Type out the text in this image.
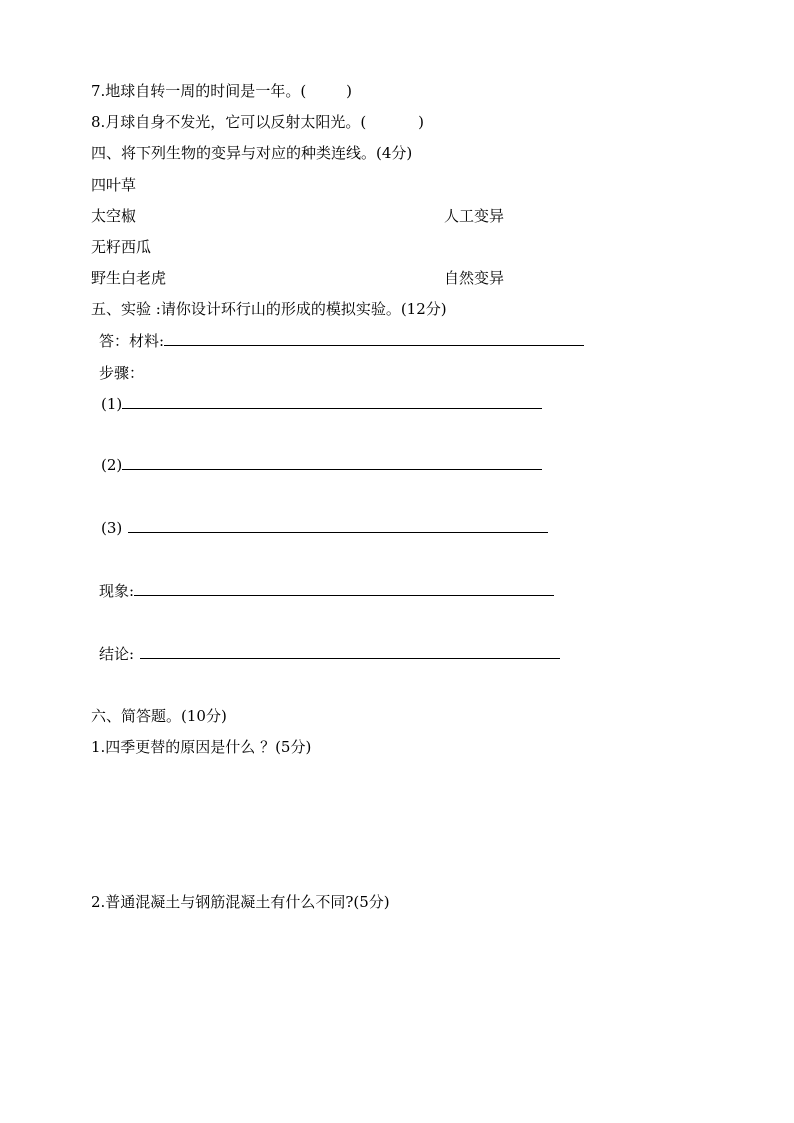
7.地球自转一周的时间是一年。(	)
8.月球自身不发光，它可以反射太阳光。(	)
四、将下列生物的变异与对应的种类连线。(4分)
四叶草
太空椒	人工变异
无籽西瓜
野生白老虎	自然变异
五、实验 :请你设计环行山的形成的模拟实验。(12分)
答：材料:
步骤：
(1)
(2)
(3)
现象:
结论:
六、简答题。(10分)
1.四季更替的原因是什么 ？(5分)
2.普通混凝土与钢筋混凝土有什么不同?(5分)
